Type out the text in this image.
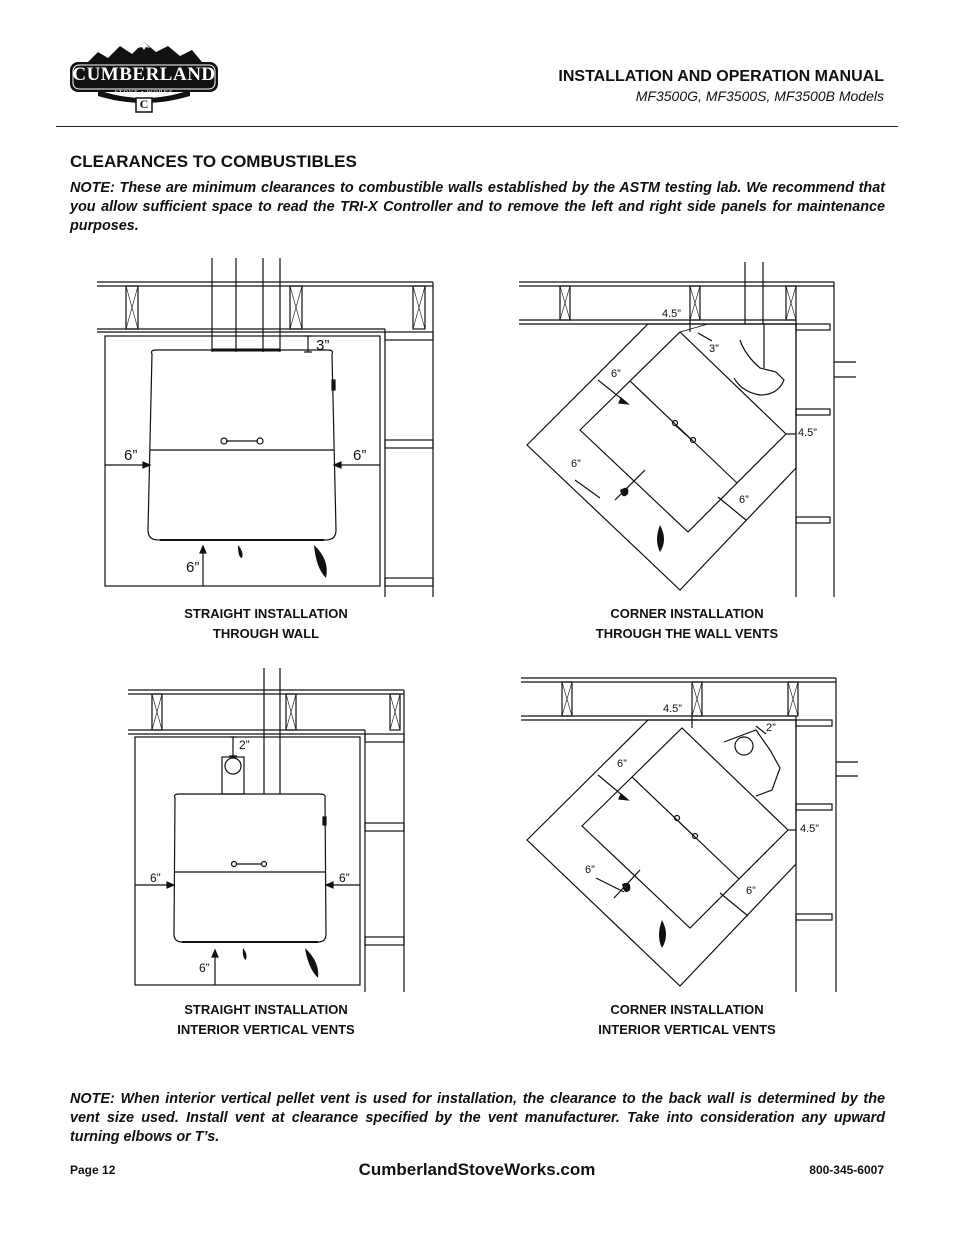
CUMBERLAND
STOVE • WORKS
C
INSTALLATION AND OPERATION MANUAL
MF3500G, MF3500S, MF3500B Models
CLEARANCES TO COMBUSTIBLES
NOTE: These are minimum clearances to combustible walls established by the ASTM testing lab. We recommend that you allow sufficient space to read the TRI-X Controller and to remove the left and right side panels for maintenance purposes.
3”
6”	6”
6”
STRAIGHT INSTALLATION
THROUGH WALL
4.5”
3”
4.5”
6”
6”
6”
CORNER INSTALLATION
THROUGH THE WALL VENTS
2”
6”	6”
6”
STRAIGHT INSTALLATION
INTERIOR VERTICAL VENTS
4.5”
2”
4.5”
6”
6”
6”
CORNER INSTALLATION
INTERIOR VERTICAL VENTS
NOTE: When interior vertical pellet vent is used for installation, the clearance to the back wall is determined by the vent size used. Install vent at clearance specified by the vent manufacturer. Take into consideration any upward turning elbows or T’s.
Page 12	CumberlandStoveWorks.com	800-345-6007
